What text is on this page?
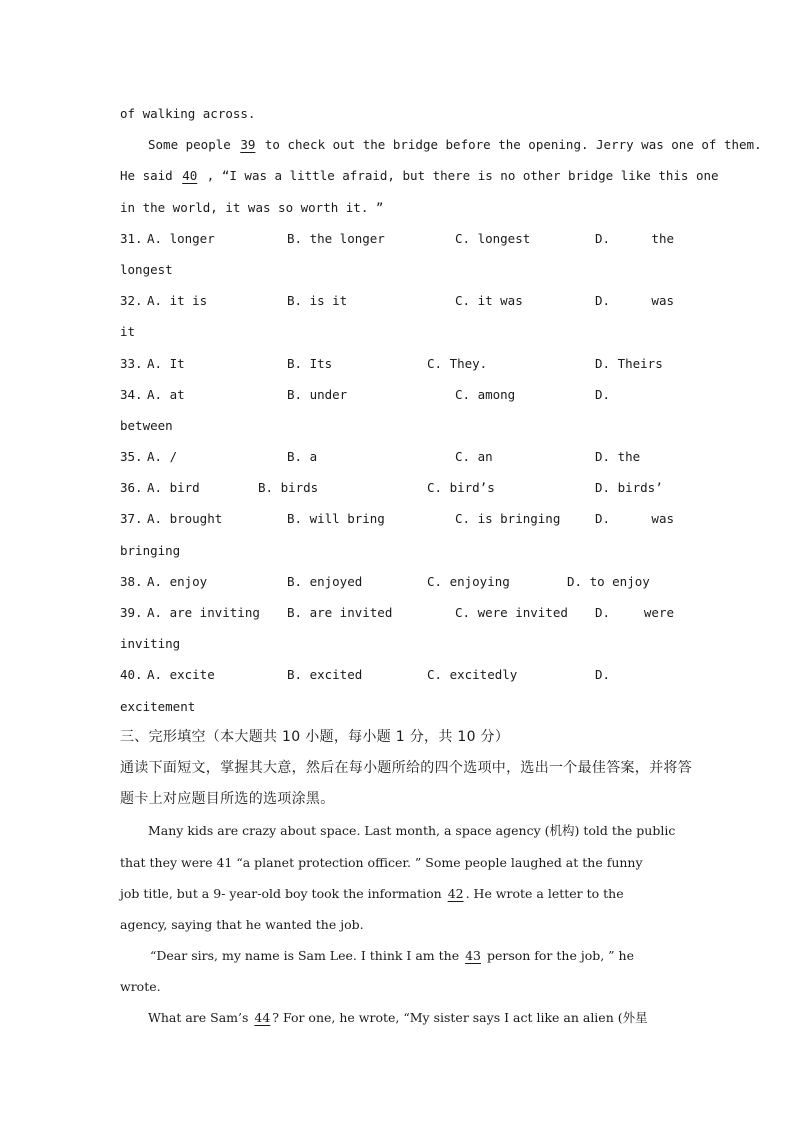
of walking across.
Some people 39 to check out the bridge before the opening. Jerry was one of them.
He said 40 , “I was a little afraid, but there is no other bridge like this one
in the world, it was so worth it. ”
31. A. longer	B. the longer	C. longest	D.	the
longest
32. A. it is	B. is it	C. it was	D.	was
it
33. A. It	B. Its	C. They.	D. Theirs
34. A. at	B. under	C. among	D.
between
35. A. /	B. a	C. an	D. the
36. A. bird	B. birds	C. bird’s	D. birds’
37. A. brought	B. will bring	C. is bringing	D.	was
bringing
38. A. enjoy	B. enjoyed	C. enjoying	D. to enjoy
39. A. are inviting B. are invited	C. were invited D.	were
inviting
40. A. excite	B. excited	C. excitedly	D.
excitement
三、完形填空（本大题共 10 小题，每小题 1 分，共 10 分）
通读下面短文，掌握其大意，然后在每小题所给的四个选项中，选出一个最佳答案，并将答
题卡上对应题目所选的选项涂黑。
Many kids are crazy about space. Last month, a space agency (机构) told the public
that they were 41 “a planet protection officer. ” Some people laughed at the funny
job title, but a 9- year-old boy took the information 42 . He wrote a letter to the
agency, saying that he wanted the job.
“Dear sirs, my name is Sam Lee. I think I am the 43 person for the job, ” he
wrote.
What are Sam’s 44 ? For one, he wrote, “My sister says I act like an alien (外星
